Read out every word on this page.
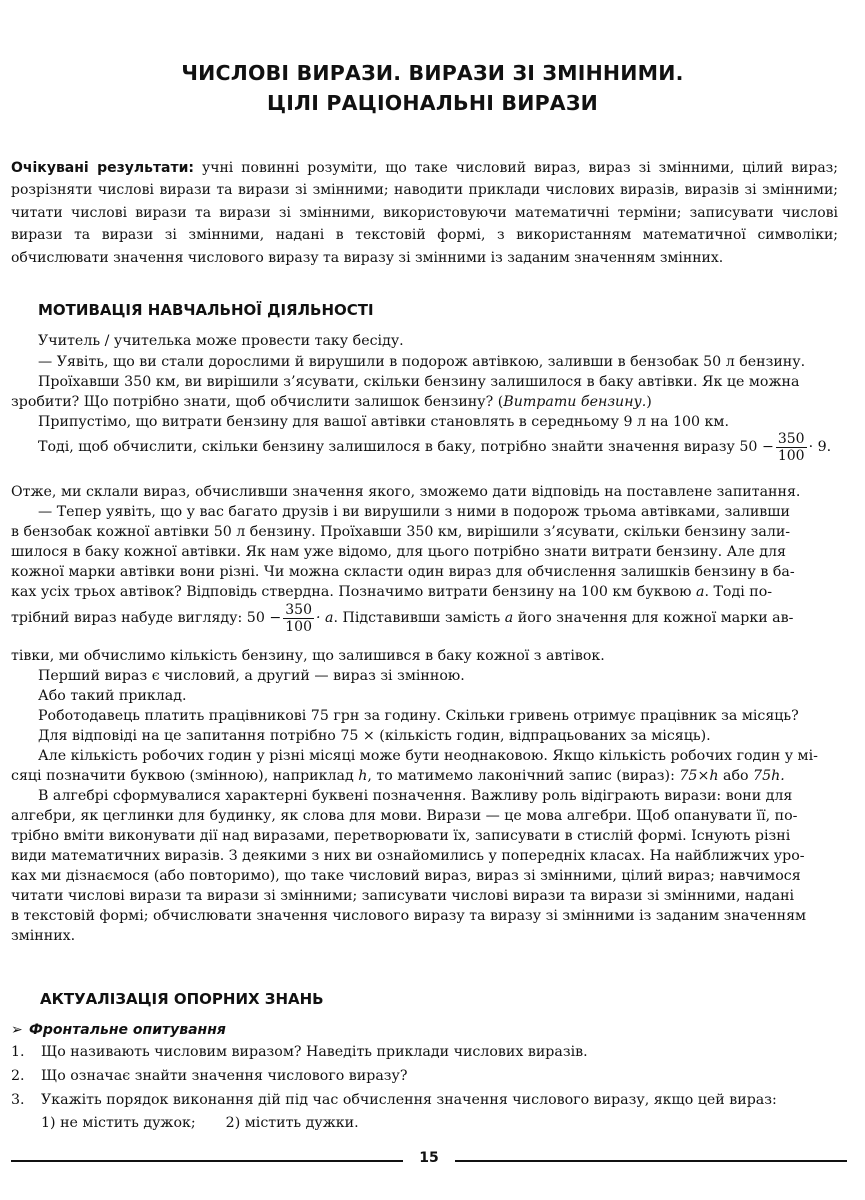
ЧИСЛОВІ ВИРАЗИ. ВИРАЗИ ЗІ ЗМІННИМИ.
ЦІЛІ РАЦІОНАЛЬНІ ВИРАЗИ
Очікувані результати: учні повинні розуміти, що таке числовий вираз, вираз зі змінними, цілий вираз; розрізняти числові вирази та вирази зі змінними; наводити приклади числових виразів, виразів зі змінними; читати числові вирази та вирази зі змінними, використовуючи математичні терміни; записувати числові вирази та вирази зі змінними, надані в текстовій формі, з використанням математичної символіки; обчислювати значення числового виразу та виразу зі змінними із заданим значенням змінних.
МОТИВАЦІЯ НАВЧАЛЬНОЇ ДІЯЛЬНОСТІ
Учитель / учителька може провести таку бесіду.
— Уявіть, що ви стали дорослими й вирушили в подорож автівкою, заливши в бензобак 50 л бензину.
Проїхавши 350 км, ви вирішили з’ясувати, скільки бензину залишилося в баку автівки. Як це можна
зробити? Що потрібно знати, щоб обчислити залишок бензину? (Витрати бензину.)
Припустімо, що витрати бензину для вашої автівки становлять в середньому 9 л на 100 км.
Тоді, щоб обчислити, скільки бензину залишилося в баку, потрібно знайти значення виразу $50 - \frac{350}{100} \cdot 9$.
Отже, ми склали вираз, обчисливши значення якого, зможемо дати відповідь на поставлене запитання.
— Тепер уявіть, що у вас багато друзів і ви вирушили з ними в подорож трьома автівками, заливши
в бензобак кожної автівки 50 л бензину. Проїхавши 350 км, вирішили з’ясувати, скільки бензину зали-
шилося в баку кожної автівки. Як нам уже відомо, для цього потрібно знати витрати бензину. Але для
кожної марки автівки вони різні. Чи можна скласти один вираз для обчислення залишків бензину в ба-
ках усіх трьох автівок? Відповідь ствердна. Позначимо витрати бензину на 100 км буквою a. Тоді по-
трібний вираз набуде вигляду: $50 - \frac{350}{100} \cdot a$. Підставивши замість a його значення для кожної марки ав-
тівки, ми обчислимо кількість бензину, що залишився в баку кожної з автівок.
Перший вираз є числовий, а другий — вираз зі змінною.
Або такий приклад.
Роботодавець платить працівникові 75 грн за годину. Скільки гривень отримує працівник за місяць?
Для відповіді на це запитання потрібно 75 × (кількість годин, відпрацьованих за місяць).
Але кількість робочих годин у різні місяці може бути неоднаковою. Якщо кількість робочих годин у мі-
сяці позначити буквою (змінною), наприклад h, то матимемо лаконічний запис (вираз): 75×h або 75h.
В алгебрі сформувалися характерні буквені позначення. Важливу роль відіграють вирази: вони для
алгебри, як цеглинки для будинку, як слова для мови. Вирази — це мова алгебри. Щоб опанувати її, по-
трібно вміти виконувати дії над виразами, перетворювати їх, записувати в стислій формі. Існують різні
види математичних виразів. З деякими з них ви ознайомились у попередніх класах. На найближчих уро-
ках ми дізнаємося (або повторимо), що таке числовий вираз, вираз зі змінними, цілий вираз; навчимося
читати числові вирази та вирази зі змінними; записувати числові вирази та вирази зі змінними, надані
в текстовій формі; обчислювати значення числового виразу та виразу зі змінними із заданим значенням
змінних.
АКТУАЛІЗАЦІЯ ОПОРНИХ ЗНАНЬ
➢ Фронтальне опитування
1. Що називають числовим виразом? Наведіть приклади числових виразів.
2. Що означає знайти значення числового виразу?
3. Укажіть порядок виконання дій під час обчислення значення числового виразу, якщо цей вираз:
1) не містить дужок; 2) містить дужки.
15
